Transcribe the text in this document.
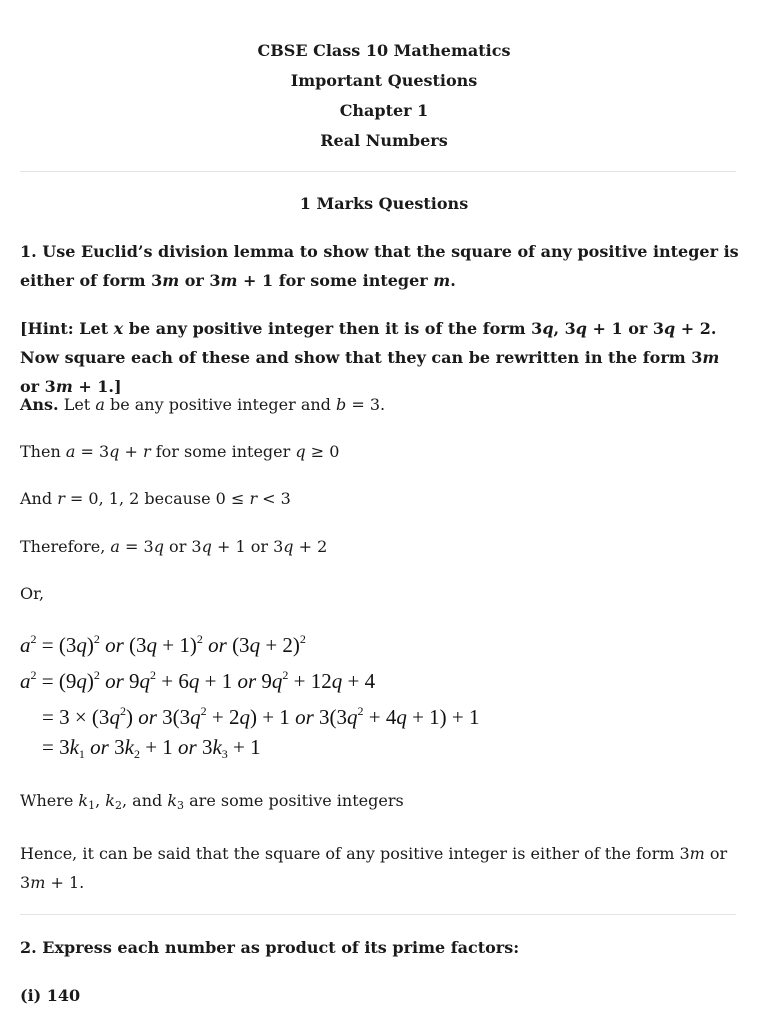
CBSE Class 10 Mathematics
Important Questions
Chapter 1
Real Numbers
1 Marks Questions
1. Use Euclid’s division lemma to show that the square of any positive integer is either of form 3m or 3m + 1 for some integer m.
[Hint: Let x be any positive integer then it is of the form 3q, 3q + 1 or 3q + 2. Now square each of these and show that they can be rewritten in the form 3m or 3m + 1.]
Ans. Let a be any positive integer and b = 3.
Then a = 3q + r for some integer q ≥ 0
And r = 0, 1, 2 because 0 ≤ r < 3
Therefore, a = 3q or 3q + 1 or 3q + 2
Or,
$a^2 = (3q)^2$ or $(3q + 1)^2$ or $(3q + 2)^2$
$a^2 = (9q)^2$ or $9q^2 + 6q + 1$ or $9q^2 + 12q + 4$
= $3 \times (3q^2)$ or $3(3q^2 + 2q) + 1$ or $3(3q^2 + 4q + 1) + 1$
= $3k_1$ or $3k_2 + 1$ or $3k_3 + 1$
Where k1, k2, and k3 are some positive integers
Hence, it can be said that the square of any positive integer is either of the form 3m or 3m + 1.
2. Express each number as product of its prime factors:
(i) 140
